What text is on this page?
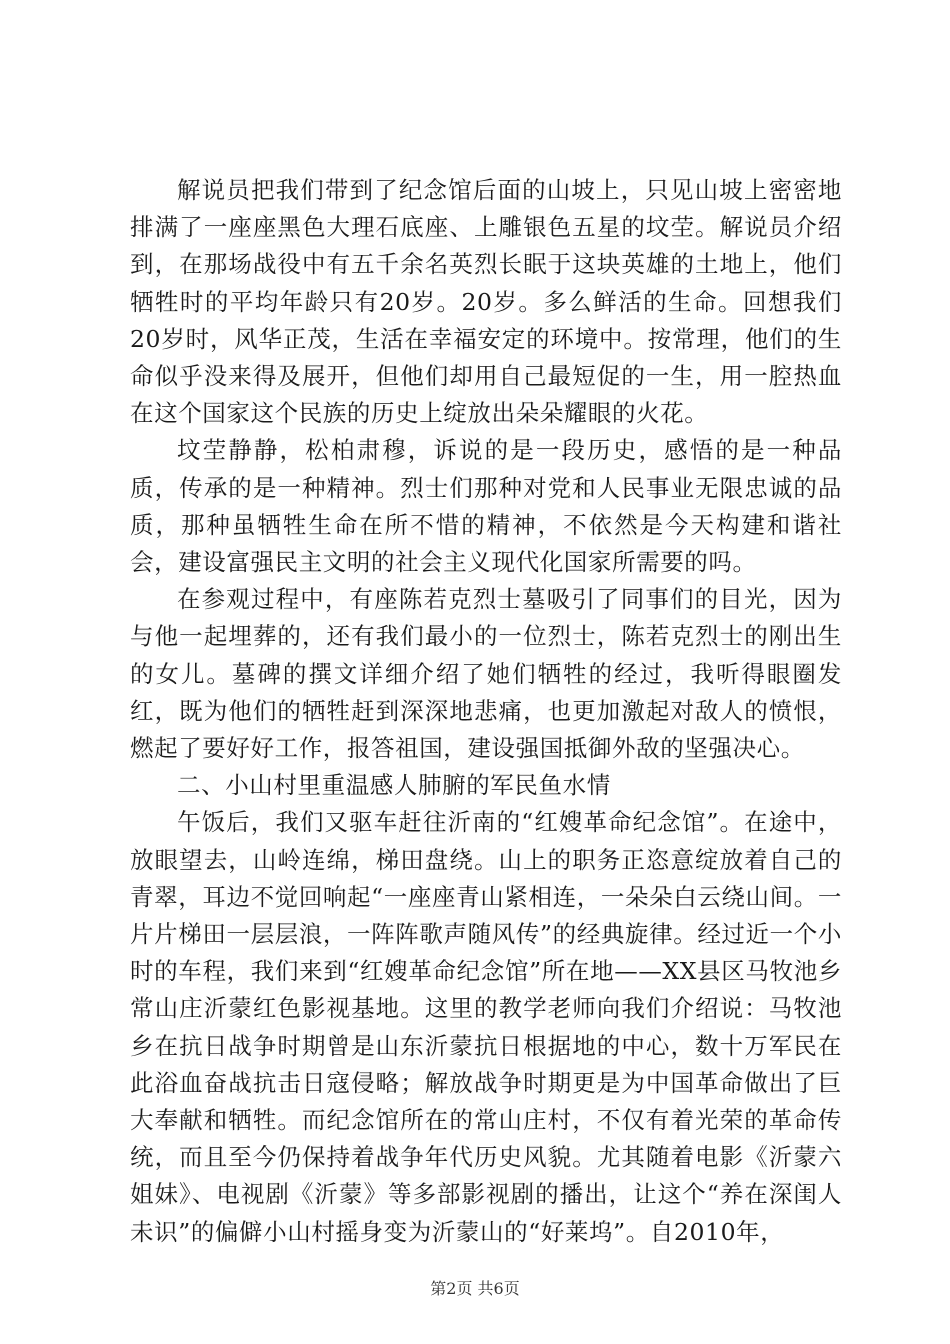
解说员把我们带到了纪念馆后面的山坡上，只见山坡上密密地排满了一座座黑色大理石底座、上雕银色五星的坟茔。解说员介绍到，在那场战役中有五千余名英烈长眠于这块英雄的土地上，他们牺牲时的平均年龄只有20岁。20岁。多么鲜活的生命。回想我们20岁时，风华正茂，生活在幸福安定的环境中。按常理，他们的生命似乎没来得及展开，但他们却用自己最短促的一生，用一腔热血在这个国家这个民族的历史上绽放出朵朵耀眼的火花。

坟茔静静，松柏肃穆，诉说的是一段历史，感悟的是一种品质，传承的是一种精神。烈士们那种对党和人民事业无限忠诚的品质，那种虽牺牲生命在所不惜的精神，不依然是今天构建和谐社会，建设富强民主文明的社会主义现代化国家所需要的吗。

在参观过程中，有座陈若克烈士墓吸引了同事们的目光，因为与他一起埋葬的，还有我们最小的一位烈士，陈若克烈士的刚出生的女儿。墓碑的撰文详细介绍了她们牺牲的经过，我听得眼圈发红，既为他们的牺牲赶到深深地悲痛，也更加激起对敌人的愤恨，燃起了要好好工作，报答祖国，建设强国抵御外敌的坚强决心。

二、小山村里重温感人肺腑的军民鱼水情

午饭后，我们又驱车赶往沂南的“红嫂革命纪念馆”。在途中，放眼望去，山岭连绵，梯田盘绕。山上的职务正恣意绽放着自己的青翠，耳边不觉回响起“一座座青山紧相连，一朵朵白云绕山间。一片片梯田一层层浪，一阵阵歌声随风传”的经典旋律。经过近一个小时的车程，我们来到“红嫂革命纪念馆”所在地——XX县区马牧池乡常山庄沂蒙红色影视基地。这里的教学老师向我们介绍说：马牧池乡在抗日战争时期曾是山东沂蒙抗日根据地的中心，数十万军民在此浴血奋战抗击日寇侵略；解放战争时期更是为中国革命做出了巨大奉献和牺牲。而纪念馆所在的常山庄村，不仅有着光荣的革命传统，而且至今仍保持着战争年代历史风貌。尤其随着电影《沂蒙六姐妹》、电视剧《沂蒙》等多部影视剧的播出，让这个“养在深闺人未识”的偏僻小山村摇身变为沂蒙山的“好莱坞”。自2010年，

第2页 共6页
